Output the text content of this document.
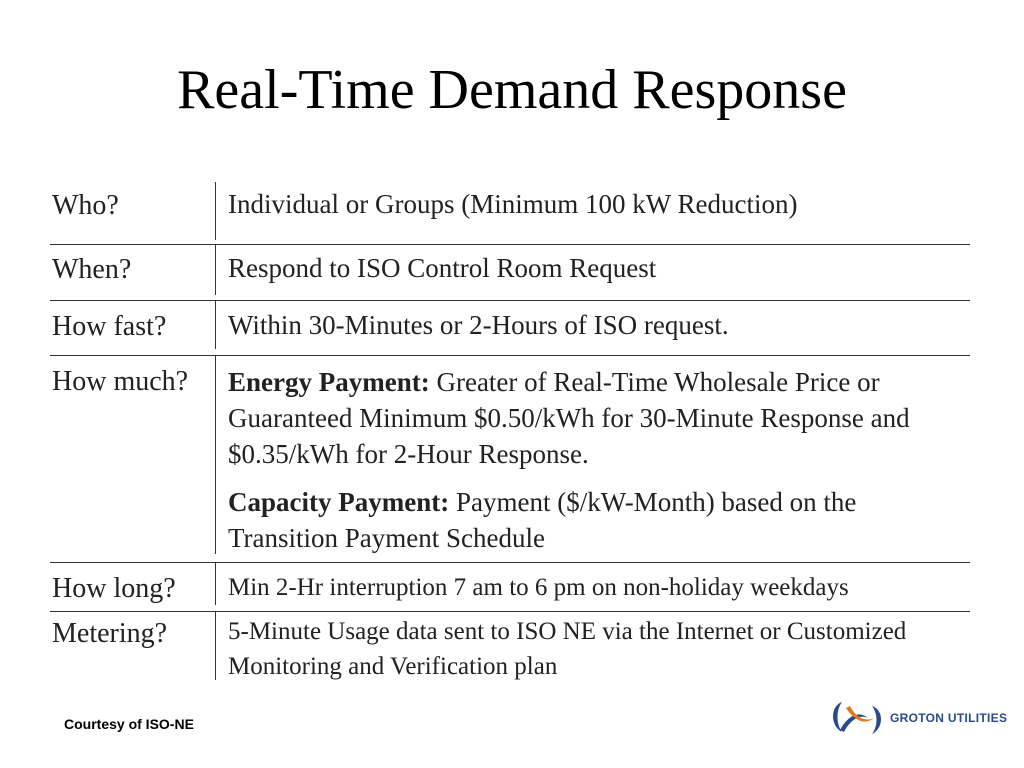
Real-Time Demand Response
Who?	Individual or Groups (Minimum 100 kW Reduction)
When?	Respond to ISO Control Room Request
How fast?	Within 30-Minutes or 2-Hours of ISO request.
How much?	Energy Payment: Greater of Real-Time Wholesale Price or Guaranteed Minimum $0.50/kWh for 30-Minute Response and $0.35/kWh for 2-Hour Response.

Capacity Payment: Payment ($/kW-Month) based on the Transition Payment Schedule

How long?	Min 2-Hr interruption 7 am to 6 pm on non-holiday weekdays
Metering?	5-Minute Usage data sent to ISO NE via the Internet or Customized Monitoring and Verification plan
Courtesy of ISO-NE	GROTON UTILITIES
